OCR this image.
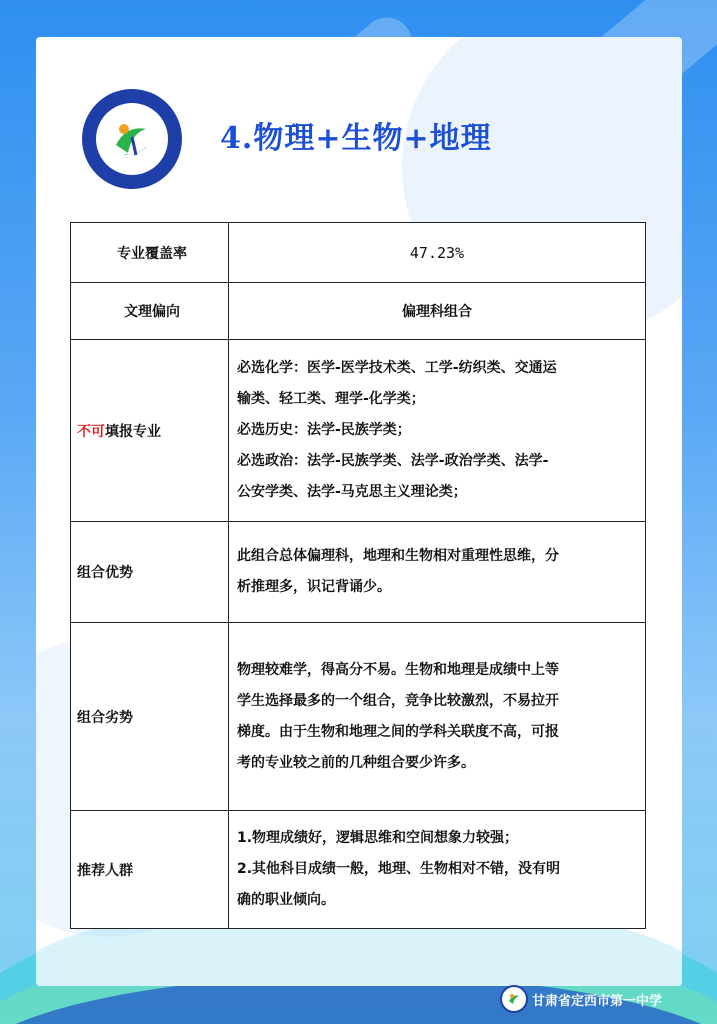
4.物理+生物+地理
专业覆盖率	47.23%
文理偏向	偏理科组合
不可填报专业	必选化学：医学-医学技术类、工学-纺织类、交通运
输类、轻工类、理学-化学类；
必选历史：法学-民族学类；
必选政治：法学-民族学类、法学-政治学类、法学-
公安学类、法学-马克思主义理论类；

组合优势	此组合总体偏理科，地理和生物相对重理性思维，分
析推理多，识记背诵少。

组合劣势	物理较难学，得高分不易。生物和地理是成绩中上等
学生选择最多的一个组合，竞争比较激烈，不易拉开
梯度。由于生物和地理之间的学科关联度不高，可报
考的专业较之前的几种组合要少许多。

推荐人群	1.物理成绩好，逻辑思维和空间想象力较强；
2.其他科目成绩一般，地理、生物相对不错，没有明
确的职业倾向。
甘肃省定西市第一中学
